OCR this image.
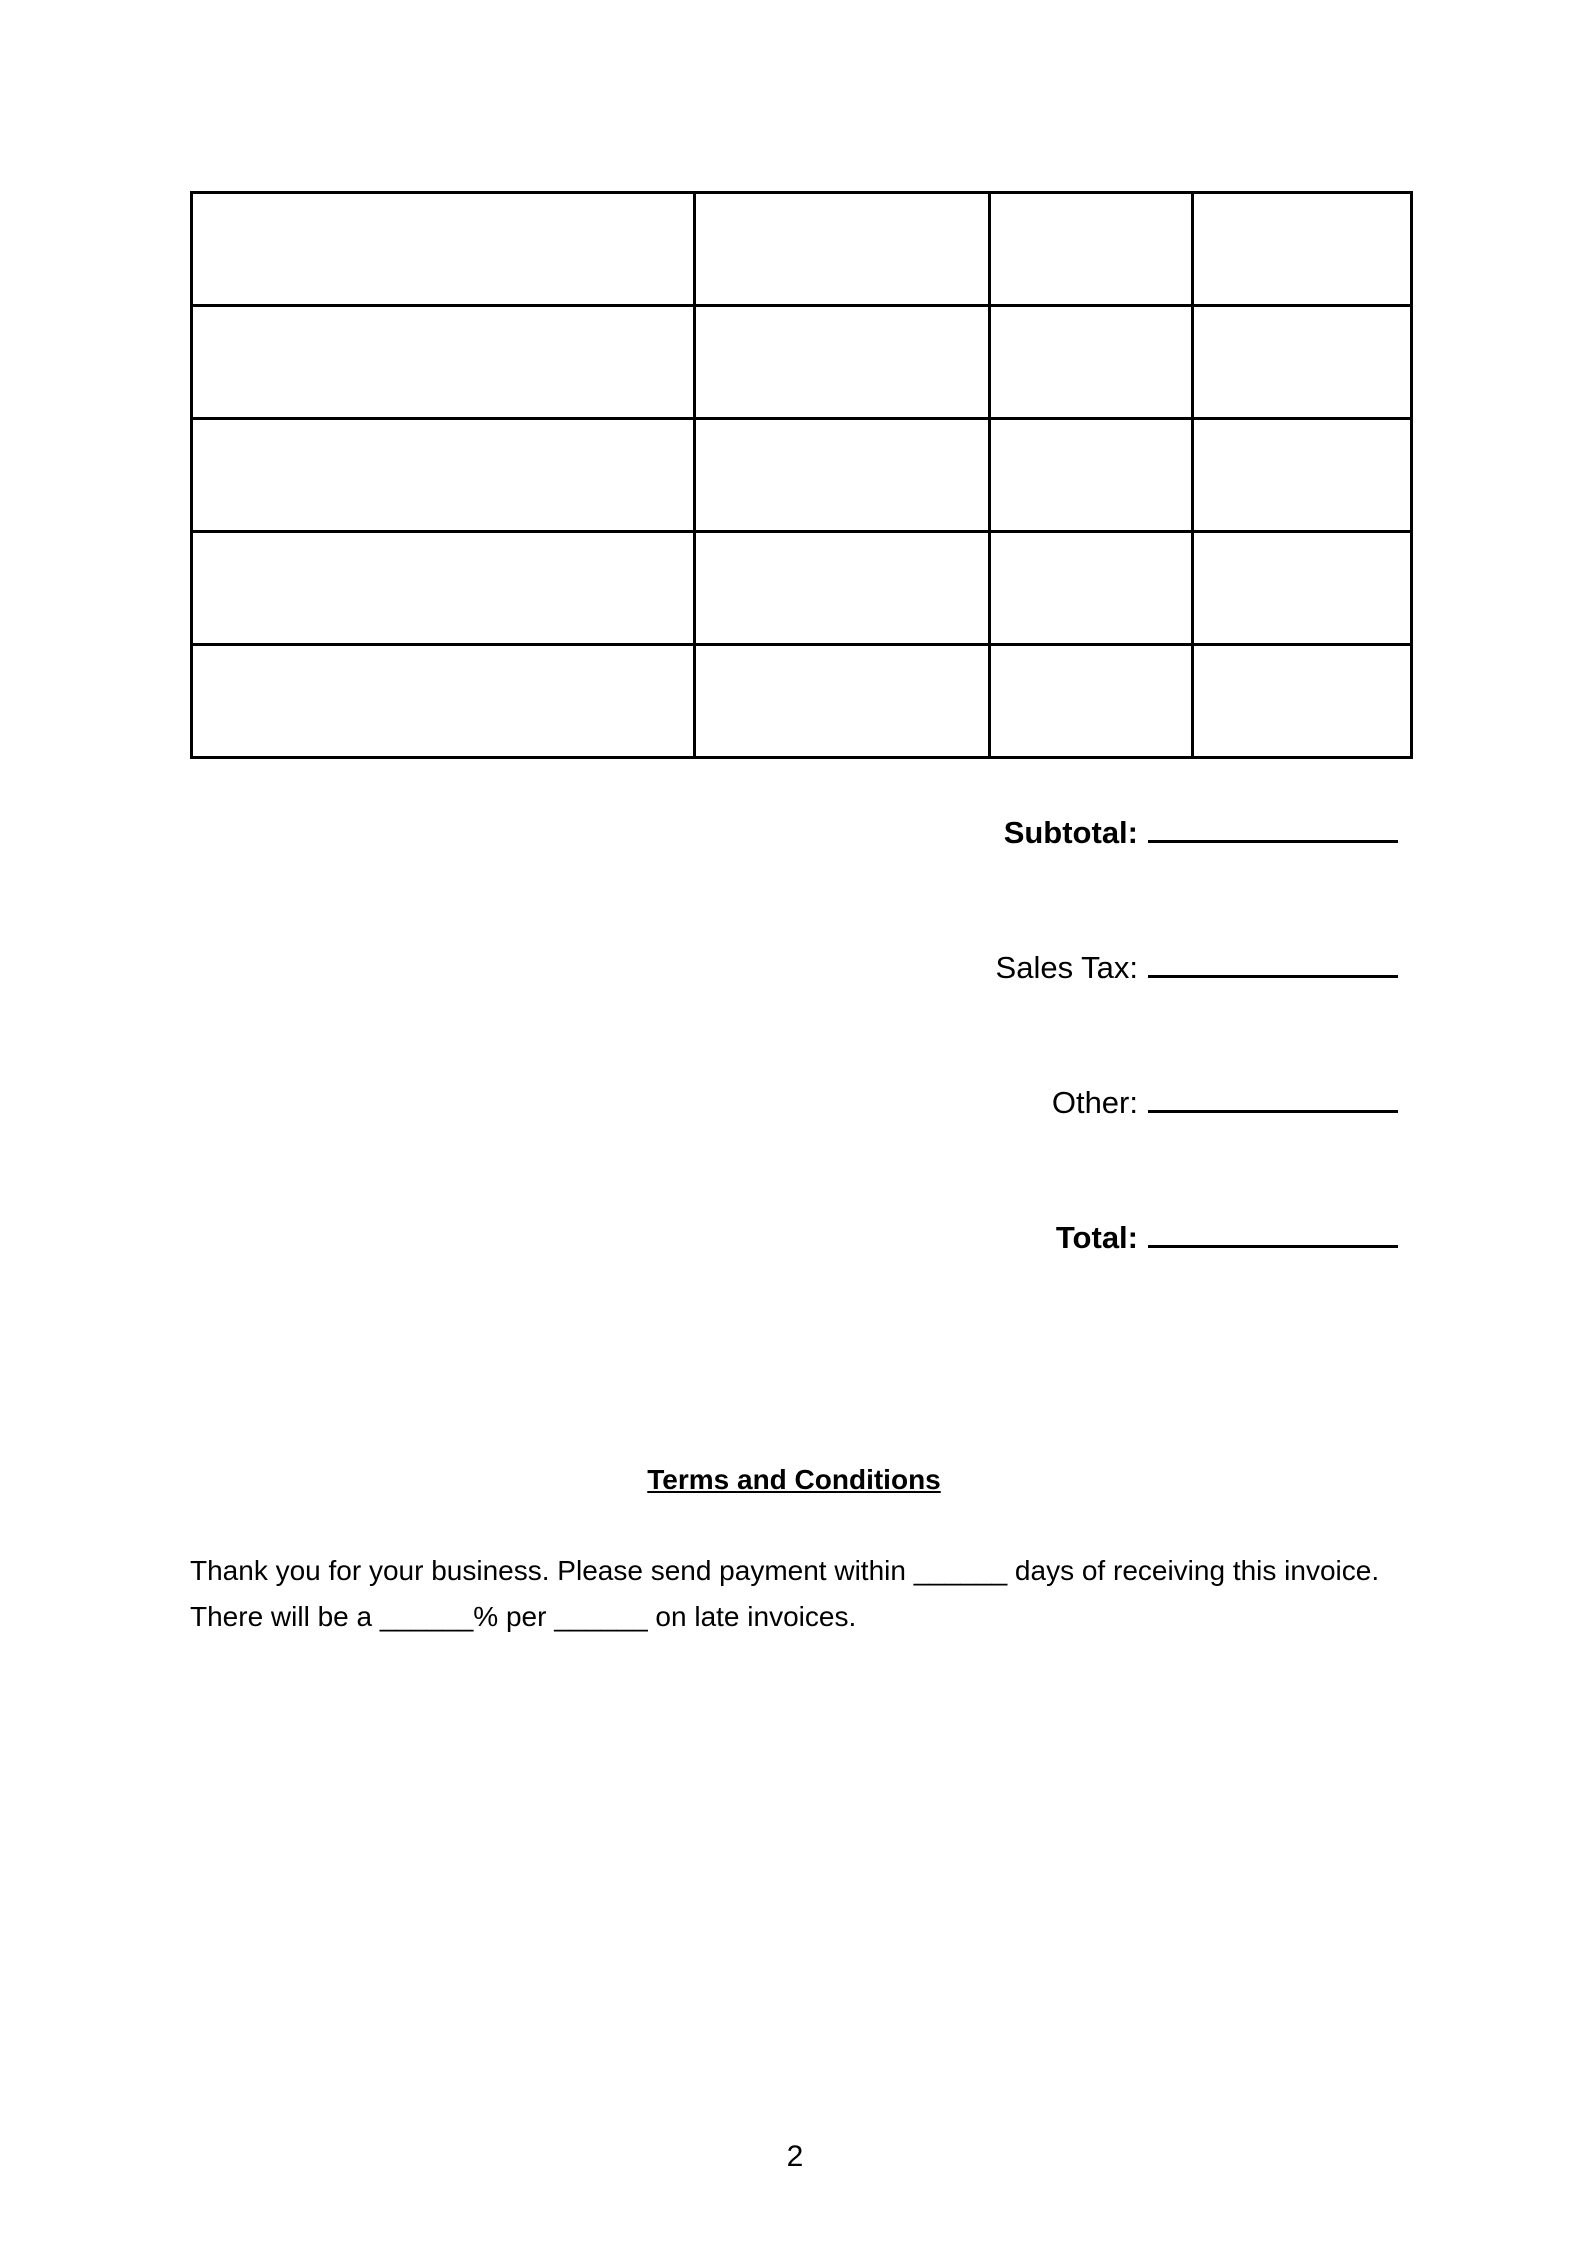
Subtotal:
Sales Tax:
Other:
Total:
Terms and Conditions
Thank you for your business. Please send payment within ______ days of receiving this invoice.
There will be a ______% per ______ on late invoices.
2
